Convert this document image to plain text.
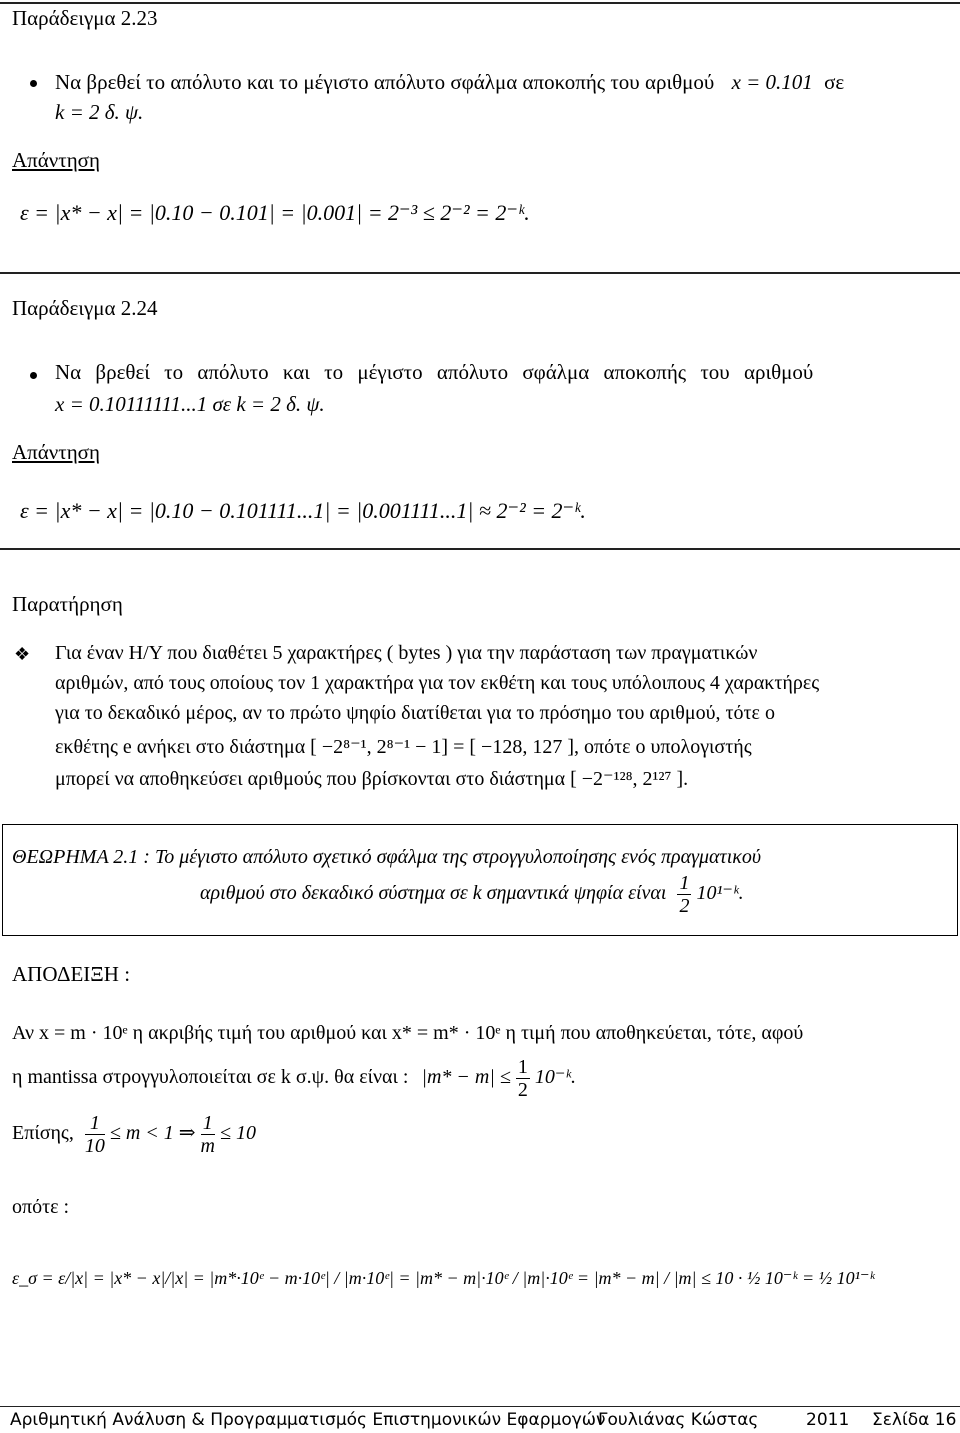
Παράδειγμα 2.23
Να βρεθεί το απόλυτο και το μέγιστο απόλυτο σφάλμα αποκοπής του αριθμού x = 0.101 σε
k = 2 δ. ψ.
Απάντηση
ε = |x* − x| = |0.10 − 0.101| = |0.001| = 2⁻³ ≤ 2⁻² = 2⁻ᵏ.
Παράδειγμα 2.24
Να βρεθεί το απόλυτο και το μέγιστο απόλυτο σφάλμα αποκοπής του αριθμού
x = 0.10111111...1 σε k = 2 δ. ψ.
Απάντηση
ε = |x* − x| = |0.10 − 0.101111...1| = |0.001111...1| ≈ 2⁻² = 2⁻ᵏ.
Παρατήρηση
❖ Για έναν Η/Υ που διαθέτει 5 χαρακτήρες ( bytes ) για την παράσταση των πραγματικών
αριθμών, από τους οποίους τον 1 χαρακτήρα για τον εκθέτη και τους υπόλοιπους 4 χαρακτήρες
για το δεκαδικό μέρος, αν το πρώτο ψηφίο διατίθεται για το πρόσημο του αριθμού, τότε ο
εκθέτης e ανήκει στο διάστημα [ −2⁸⁻¹, 2⁸⁻¹ − 1] = [ −128, 127 ], οπότε ο υπολογιστής
μπορεί να αποθηκεύσει αριθμούς που βρίσκονται στο διάστημα [ −2⁻¹²⁸, 2¹²⁷ ].
ΘΕΩΡΗΜΑ 2.1 : Το μέγιστο απόλυτο σχετικό σφάλμα της στρογγυλοποίησης ενός πραγματικού
αριθμού στο δεκαδικό σύστημα σε k σημαντικά ψηφία είναι $\frac{1}{2}$ 10¹⁻ᵏ.
ΑΠΟΔΕΙΞΗ :
Αν x = m · 10ᵉ η ακριβής τιμή του αριθμού και x* = m* · 10ᵉ η τιμή που αποθηκεύεται, τότε, αφού
η mantissa στρογγυλοποιείται σε k σ.ψ. θα είναι : $|m* - m| \le \frac{1}{2}$ 10⁻ᵏ.
Επίσης, $\frac{1}{10} \le m < 1$ ⇒ $\frac{1}{m} \le 10$
οπότε :
ε_σ = ε/|x| = |x* − x|/|x| = |m*·10ᵉ − m·10ᵉ| / |m·10ᵉ| = |m* − m|·10ᵉ / |m|·10ᵉ = |m* − m| / |m| ≤ 10 · ½ 10⁻ᵏ = ½ 10¹⁻ᵏ
Αριθμητική Ανάλυση & Προγραμματισμός Επιστημονικών Εφαρμογών
Γουλιάνας Κώστας	2011 Σελίδα 16
